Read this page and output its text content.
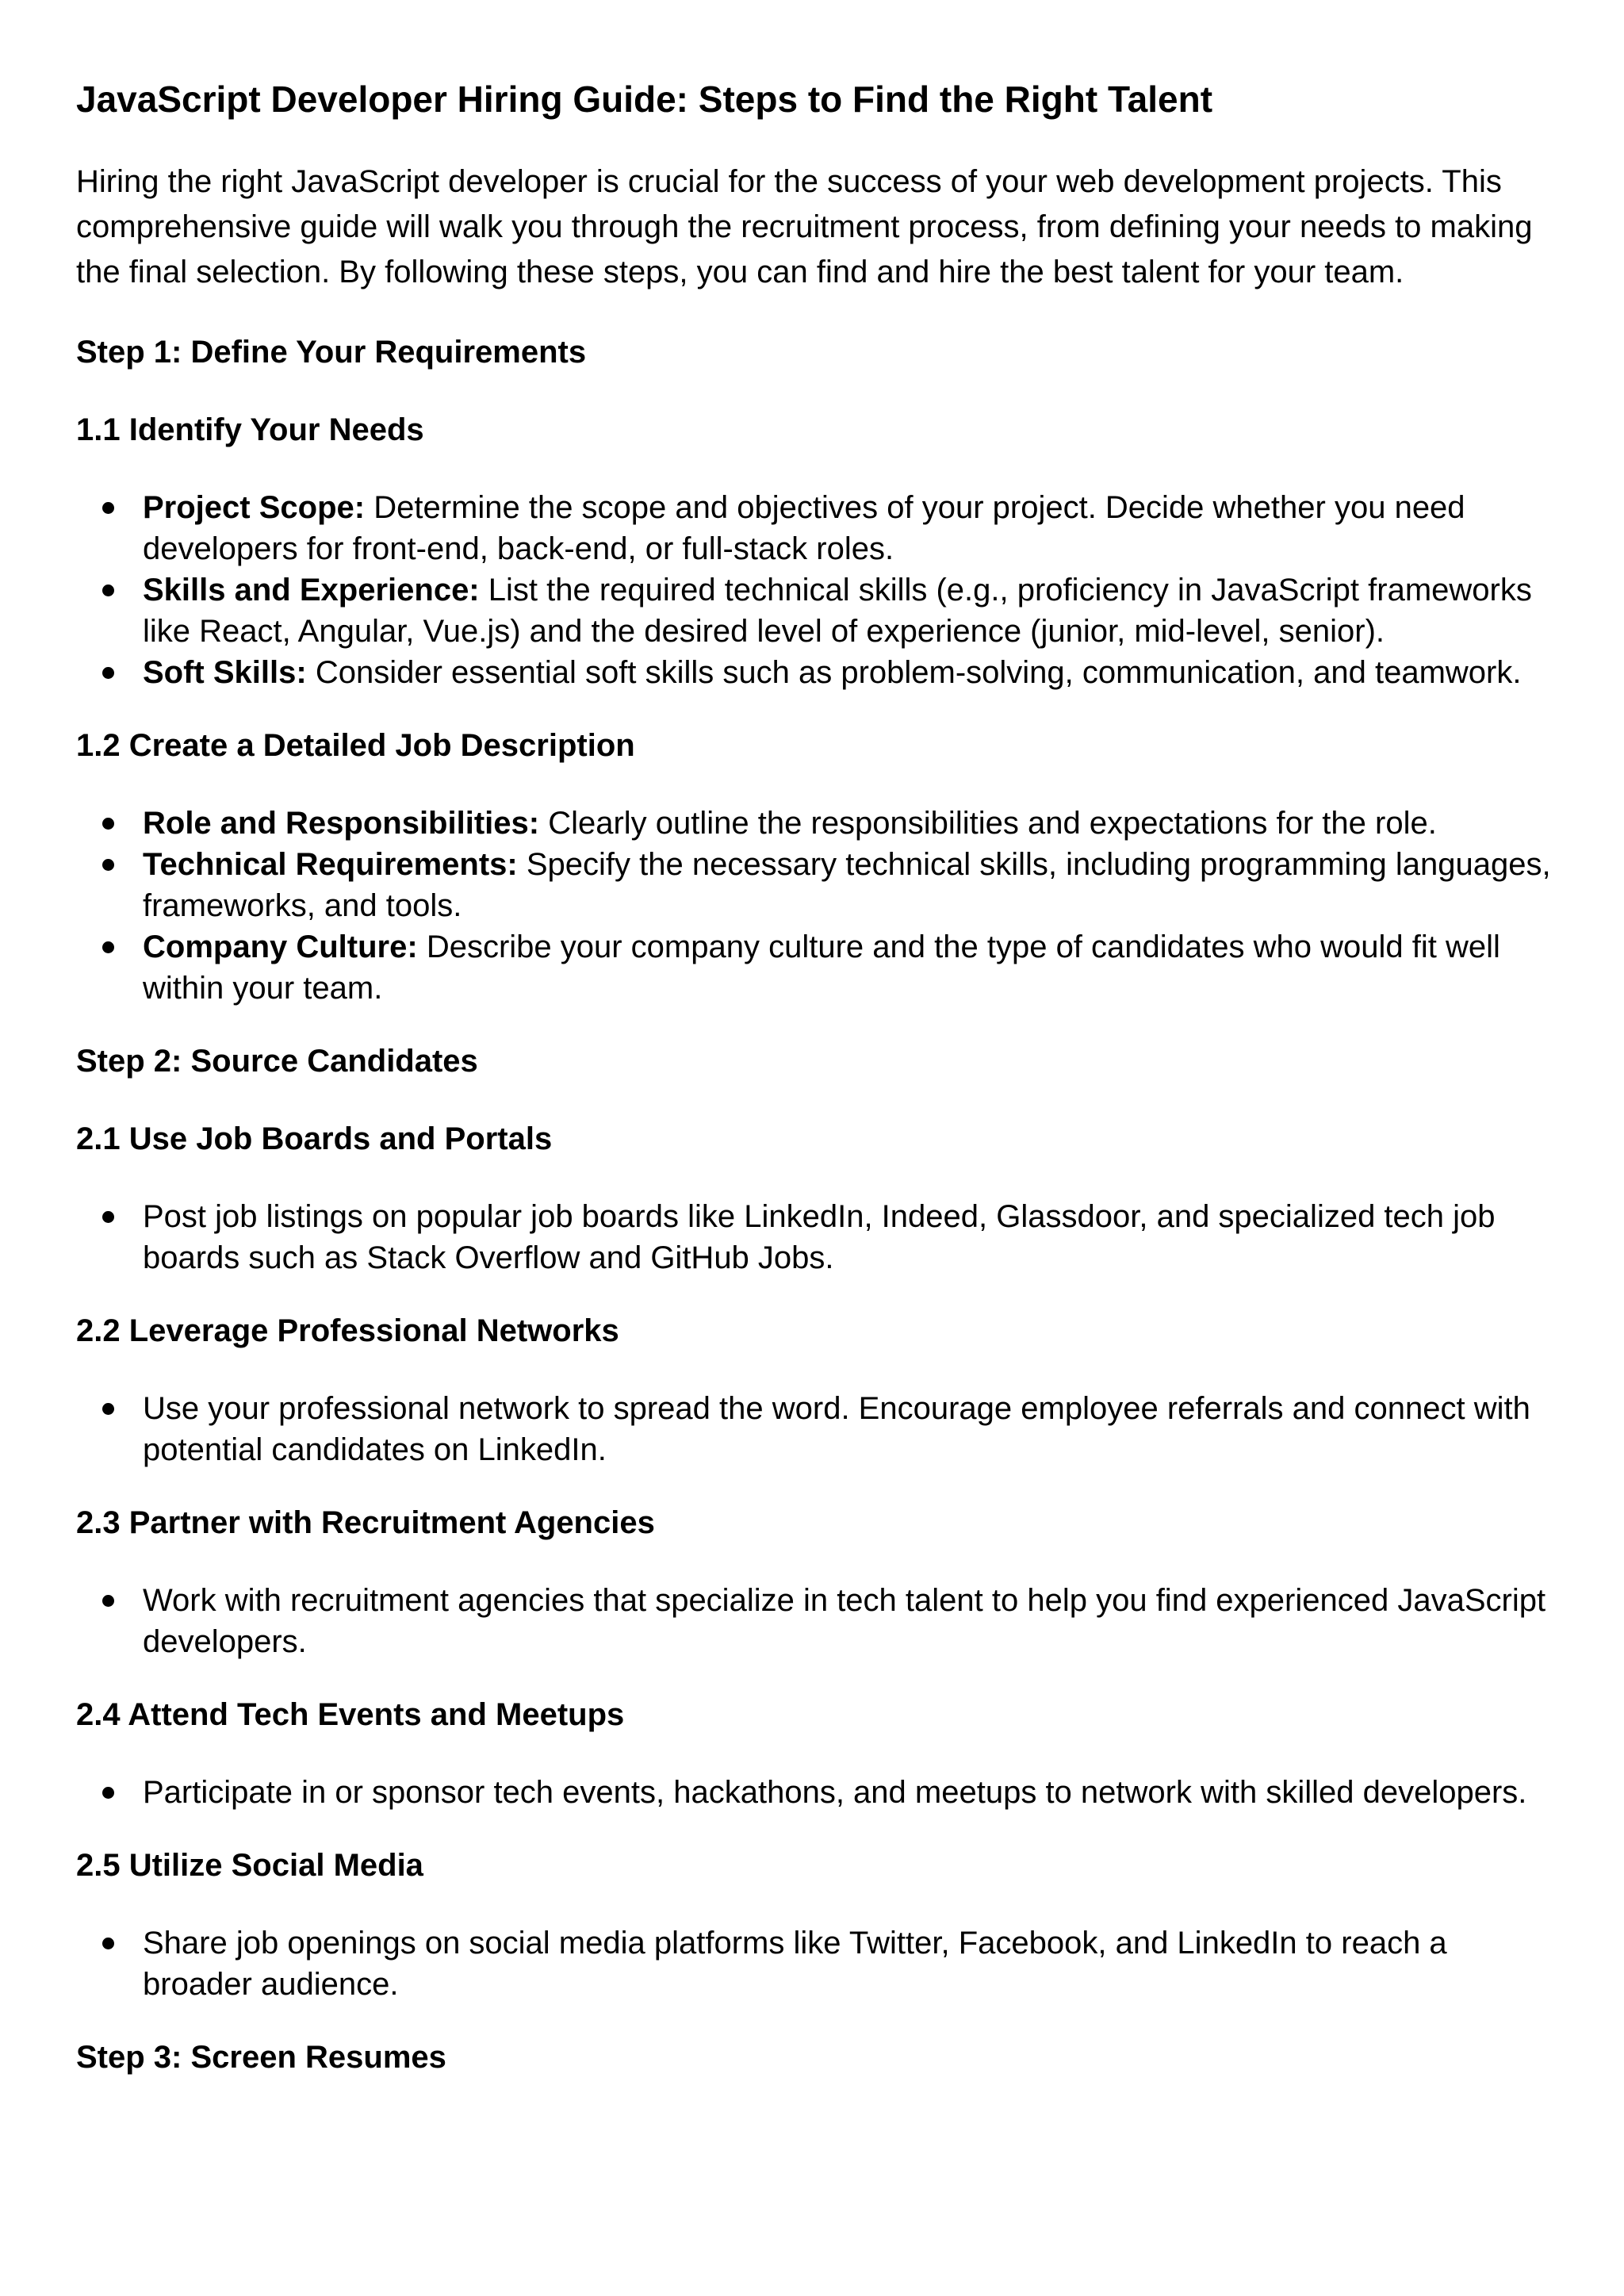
JavaScript Developer Hiring Guide: Steps to Find the Right Talent

Hiring the right JavaScript developer is crucial for the success of your web development projects. This comprehensive guide will walk you through the recruitment process, from defining your needs to making the final selection. By following these steps, you can find and hire the best talent for your team.

Step 1: Define Your Requirements
1.1 Identify Your Needs
Project Scope: Determine the scope and objectives of your project. Decide whether you need developers for front-end, back-end, or full-stack roles.
Skills and Experience: List the required technical skills (e.g., proficiency in JavaScript frameworks like React, Angular, Vue.js) and the desired level of experience (junior, mid-level, senior).
Soft Skills: Consider essential soft skills such as problem-solving, communication, and teamwork.
1.2 Create a Detailed Job Description
Role and Responsibilities: Clearly outline the responsibilities and expectations for the role.
Technical Requirements: Specify the necessary technical skills, including programming languages, frameworks, and tools.
Company Culture: Describe your company culture and the type of candidates who would fit well within your team.
Step 2: Source Candidates
2.1 Use Job Boards and Portals
Post job listings on popular job boards like LinkedIn, Indeed, Glassdoor, and specialized tech job boards such as Stack Overflow and GitHub Jobs.
2.2 Leverage Professional Networks
Use your professional network to spread the word. Encourage employee referrals and connect with potential candidates on LinkedIn.
2.3 Partner with Recruitment Agencies
Work with recruitment agencies that specialize in tech talent to help you find experienced JavaScript developers.
2.4 Attend Tech Events and Meetups
Participate in or sponsor tech events, hackathons, and meetups to network with skilled developers.
2.5 Utilize Social Media
Share job openings on social media platforms like Twitter, Facebook, and LinkedIn to reach a broader audience.
Step 3: Screen Resumes
